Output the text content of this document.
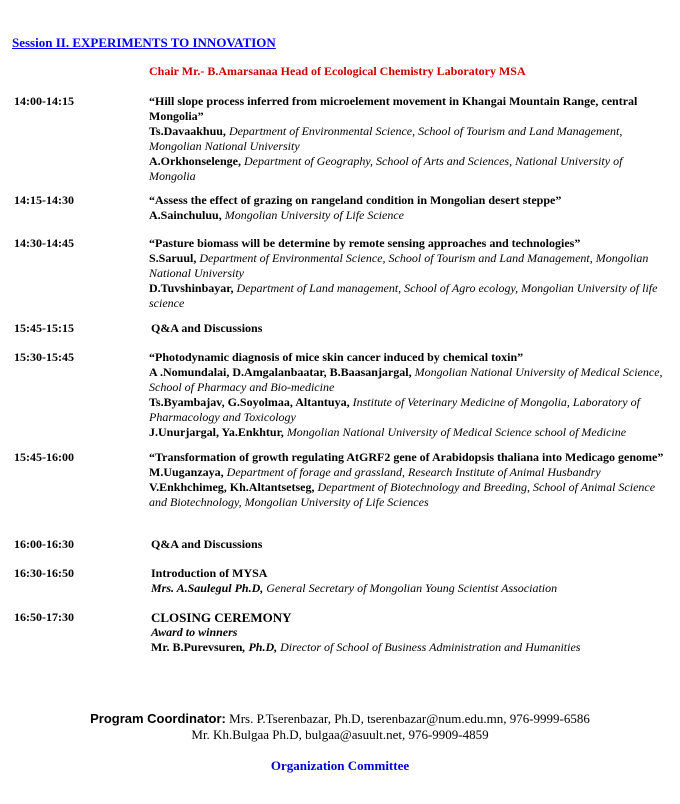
Session II. EXPERIMENTS TO INNOVATION
Chair Mr.- B.Amarsanaa Head of Ecological Chemistry Laboratory MSA
14:00-14:15	“Hill slope process inferred from microelement movement in Khangai Mountain Range, central Mongolia”
Ts.Davaakhuu, Department of Environmental Science, School of Tourism and Land Management, Mongolian National University
A.Orkhonselenge, Department of Geography, School of Arts and Sciences, National University of Mongolia
14:15-14:30	“Assess the effect of grazing on rangeland condition in Mongolian desert steppe”
A.Sainchuluu, Mongolian University of Life Science
14:30-14:45	“Pasture biomass will be determine by remote sensing approaches and technologies”
S.Saruul, Department of Environmental Science, School of Tourism and Land Management, Mongolian National University
D.Tuvshinbayar, Department of Land management, School of Agro ecology, Mongolian University of life science
15:45-15:15	Q&A and Discussions
15:30-15:45	“Photodynamic diagnosis of mice skin cancer induced by chemical toxin”
A .Nomundalai, D.Amgalanbaatar, B.Baasanjargal, Mongolian National University of Medical Science, School of Pharmacy and Bio-medicine
Ts.Byambajav, G.Soyolmaa, Altantuya, Institute of Veterinary Medicine of Mongolia, Laboratory of Pharmacology and Toxicology
J.Unurjargal, Ya.Enkhtur, Mongolian National University of Medical Science school of Medicine
15:45-16:00	“Transformation of growth regulating AtGRF2 gene of Arabidopsis thaliana into Medicago genome”
M.Uuganzaya, Department of forage and grassland, Research Institute of Animal Husbandry
V.Enkhchimeg, Kh.Altantsetseg, Department of Biotechnology and Breeding, School of Animal Science and Biotechnology, Mongolian University of Life Sciences
16:00-16:30	Q&A and Discussions
16:30-16:50	Introduction of MYSA
Mrs. A.Saulegul Ph.D, General Secretary of Mongolian Young Scientist Association
16:50-17:30	CLOSING CEREMONY
Award to winners
Mr. B.Purevsuren, Ph.D, Director of School of Business Administration and Humanities
Program Coordinator: Mrs. P.Tserenbazar, Ph.D, tserenbazar@num.edu.mn, 976-9999-6586
Mr. Kh.Bulgaa Ph.D, bulgaa@asuult.net, 976-9909-4859
Organization Committee
